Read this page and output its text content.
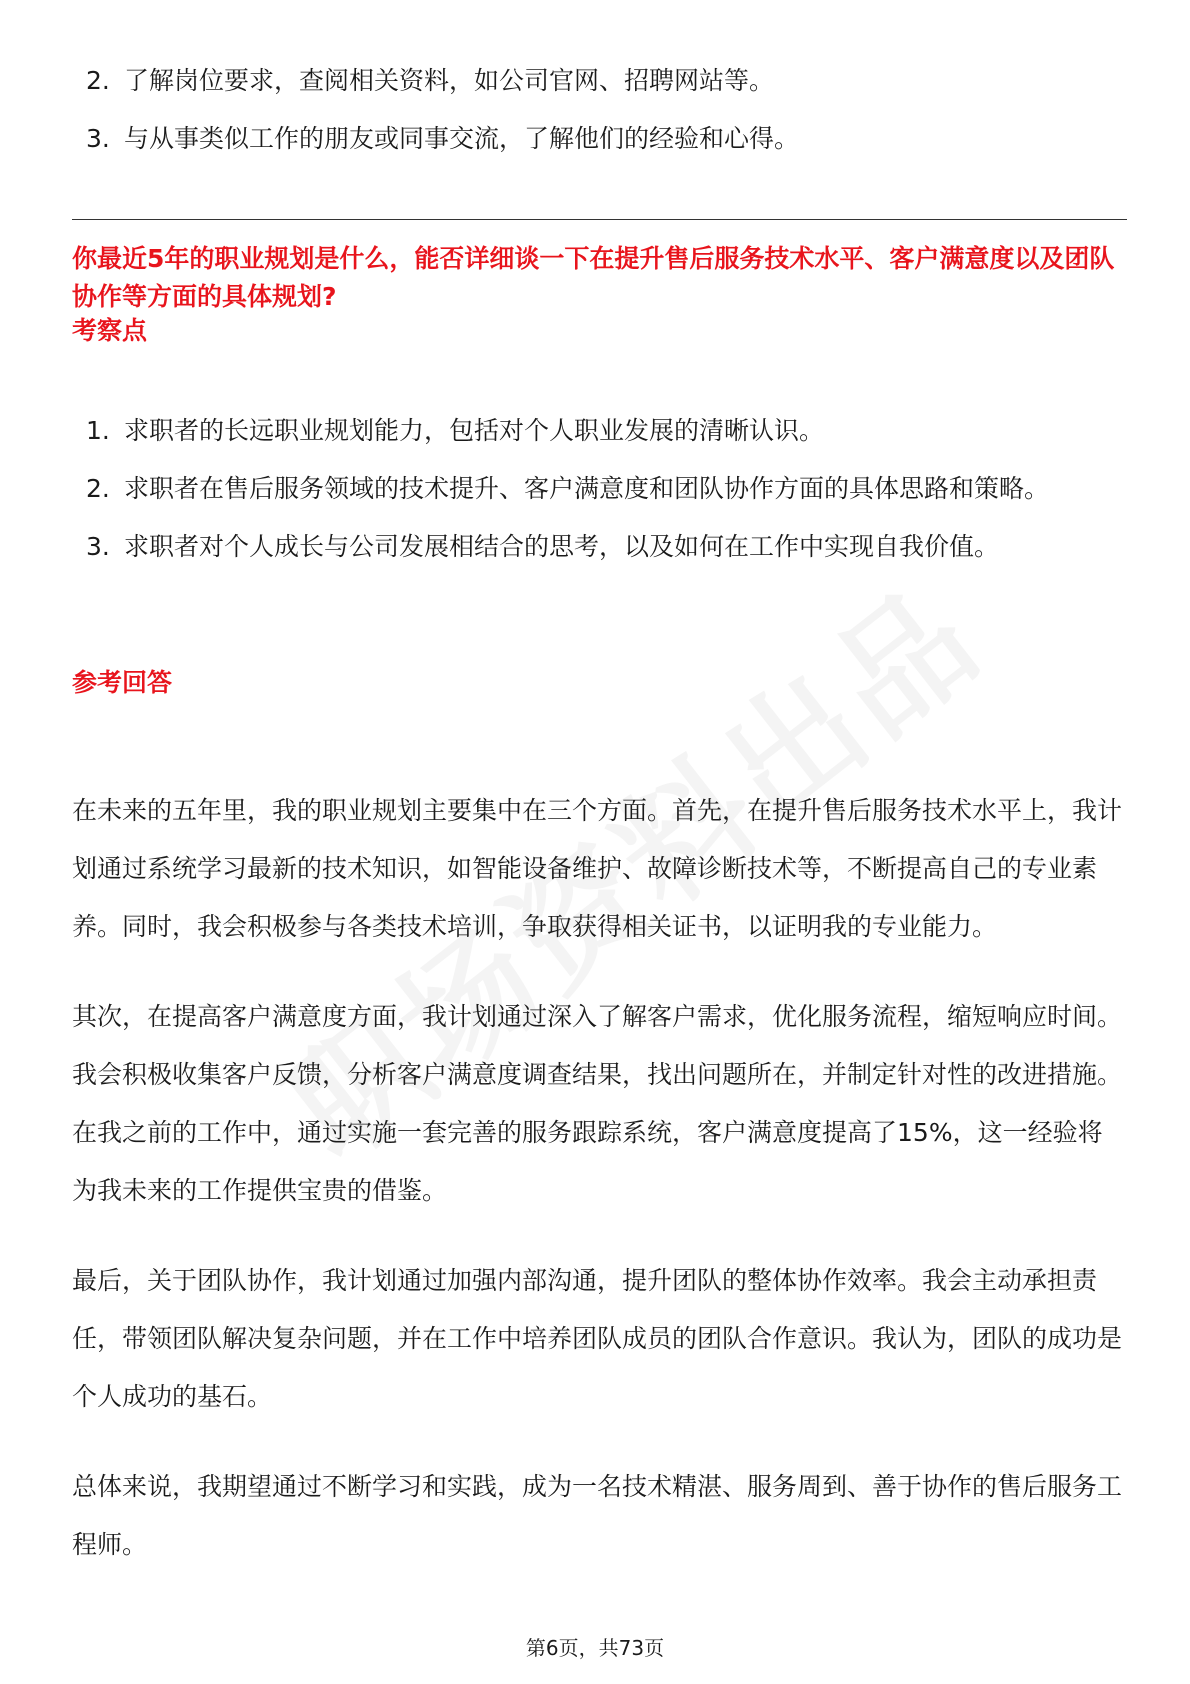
2. 了解岗位要求，查阅相关资料，如公司官网、招聘网站等。
3. 与从事类似工作的朋友或同事交流，了解他们的经验和心得。
你最近5年的职业规划是什么，能否详细谈一下在提升售后服务技术水平、客户满意度以及团队协作等方面的具体规划?
考察点
1. 求职者的长远职业规划能力，包括对个人职业发展的清晰认识。
2. 求职者在售后服务领域的技术提升、客户满意度和团队协作方面的具体思路和策略。
3. 求职者对个人成长与公司发展相结合的思考，以及如何在工作中实现自我价值。
参考回答

在未来的五年里，我的职业规划主要集中在三个方面。首先，在提升售后服务技术水平上，我计划通过系统学习最新的技术知识，如智能设备维护、故障诊断技术等，不断提高自己的专业素养。同时，我会积极参与各类技术培训，争取获得相关证书，以证明我的专业能力。

其次，在提高客户满意度方面，我计划通过深入了解客户需求，优化服务流程，缩短响应时间。我会积极收集客户反馈，分析客户满意度调查结果，找出问题所在，并制定针对性的改进措施。在我之前的工作中，通过实施一套完善的服务跟踪系统，客户满意度提高了15%，这一经验将为我未来的工作提供宝贵的借鉴。

最后，关于团队协作，我计划通过加强内部沟通，提升团队的整体协作效率。我会主动承担责任，带领团队解决复杂问题，并在工作中培养团队成员的团队合作意识。我认为，团队的成功是个人成功的基石。

总体来说，我期望通过不断学习和实践，成为一名技术精湛、服务周到、善于协作的售后服务工程师。

第6页，共73页
